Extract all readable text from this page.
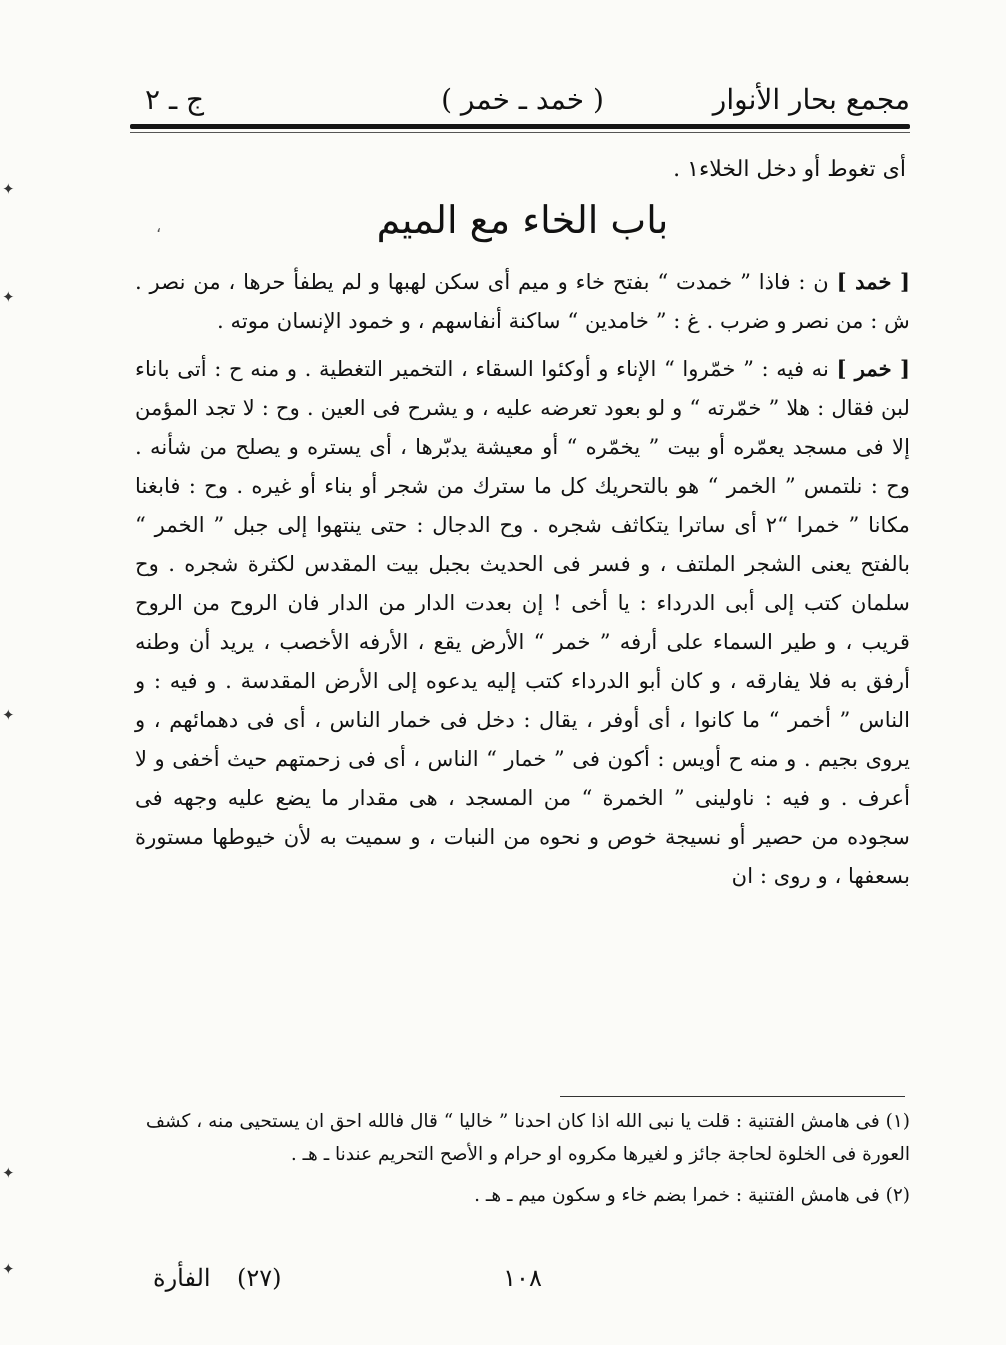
مجمع بحار الأنوار
( خمد ـ خمر )
ج ـ ٢
أى تغوط أو دخل الخلاء١ .
باب الخاء مع الميم
،

[ خمد ] ن : فاذا ” خمدت “ بفتح خاء و ميم أى سكن لهبها و لم يطفأ حرها ، من نصر . ش : من نصر و ضرب . غ : ” خامدين “ ساكنة أنفاسهم ، و خمود الإنسان موته .

[ خمر ] نه فيه : ” خمّروا “ الإناء و أوكئوا السقاء ، التخمير التغطية . و منه ح : أتى باناء لبن فقال : هلا ” خمّرته “ و لو بعود تعرضه عليه ، و يشرح فى العين . وح : لا تجد المؤمن إلا فى مسجد يعمّره أو بيت ” يخمّره “ أو معيشة يدبّرها ، أى يستره و يصلح من شأنه . وح : نلتمس ” الخمر “ هو بالتحريك كل ما سترك من شجر أو بناء أو غيره . وح : فابغنا مكانا ” خمرا “٢ أى ساترا يتكاثف شجره . وح الدجال : حتى ينتهوا إلى جبل ” الخمر “ بالفتح يعنى الشجر الملتف ، و فسر فى الحديث بجبل بيت المقدس لكثرة شجره . وح سلمان كتب إلى أبى الدرداء : يا أخى ! إن بعدت الدار من الدار فان الروح من الروح قريب ، و طير السماء على أرفه ” خمر “ الأرض يقع ، الأرفه الأخصب ، يريد أن وطنه أرفق به فلا يفارقه ، و كان أبو الدرداء كتب إليه يدعوه إلى الأرض المقدسة . و فيه : و الناس ” أخمر “ ما كانوا ، أى أوفر ، يقال : دخل فى خمار الناس ، أى فى دهمائهم ، و يروى بجيم . و منه ح أويس : أكون فى ” خمار “ الناس ، أى فى زحمتهم حيث أخفى و لا أعرف . و فيه : ناولينى ” الخمرة “ من المسجد ، هى مقدار ما يضع عليه وجهه فى سجوده من حصير أو نسيجة خوص و نحوه من النبات ، و سميت به لأن خيوطها مستورة بسعفها ، و روى : ان

(١) فى هامش الفتنية : قلت يا نبى الله اذا كان احدنا ” خاليا “ قال فالله احق ان يستحيى منه ، كشف العورة فى الخلوة لحاجة جائز و لغيرها مكروه او حرام و الأصح التحريم عندنا ـ هـ .

(٢) فى هامش الفتنية : خمرا بضم خاء و سكون ميم ـ هـ .

١٠٨
(٢٧)
الفأرة
✦
✦
✦
✦
✦
